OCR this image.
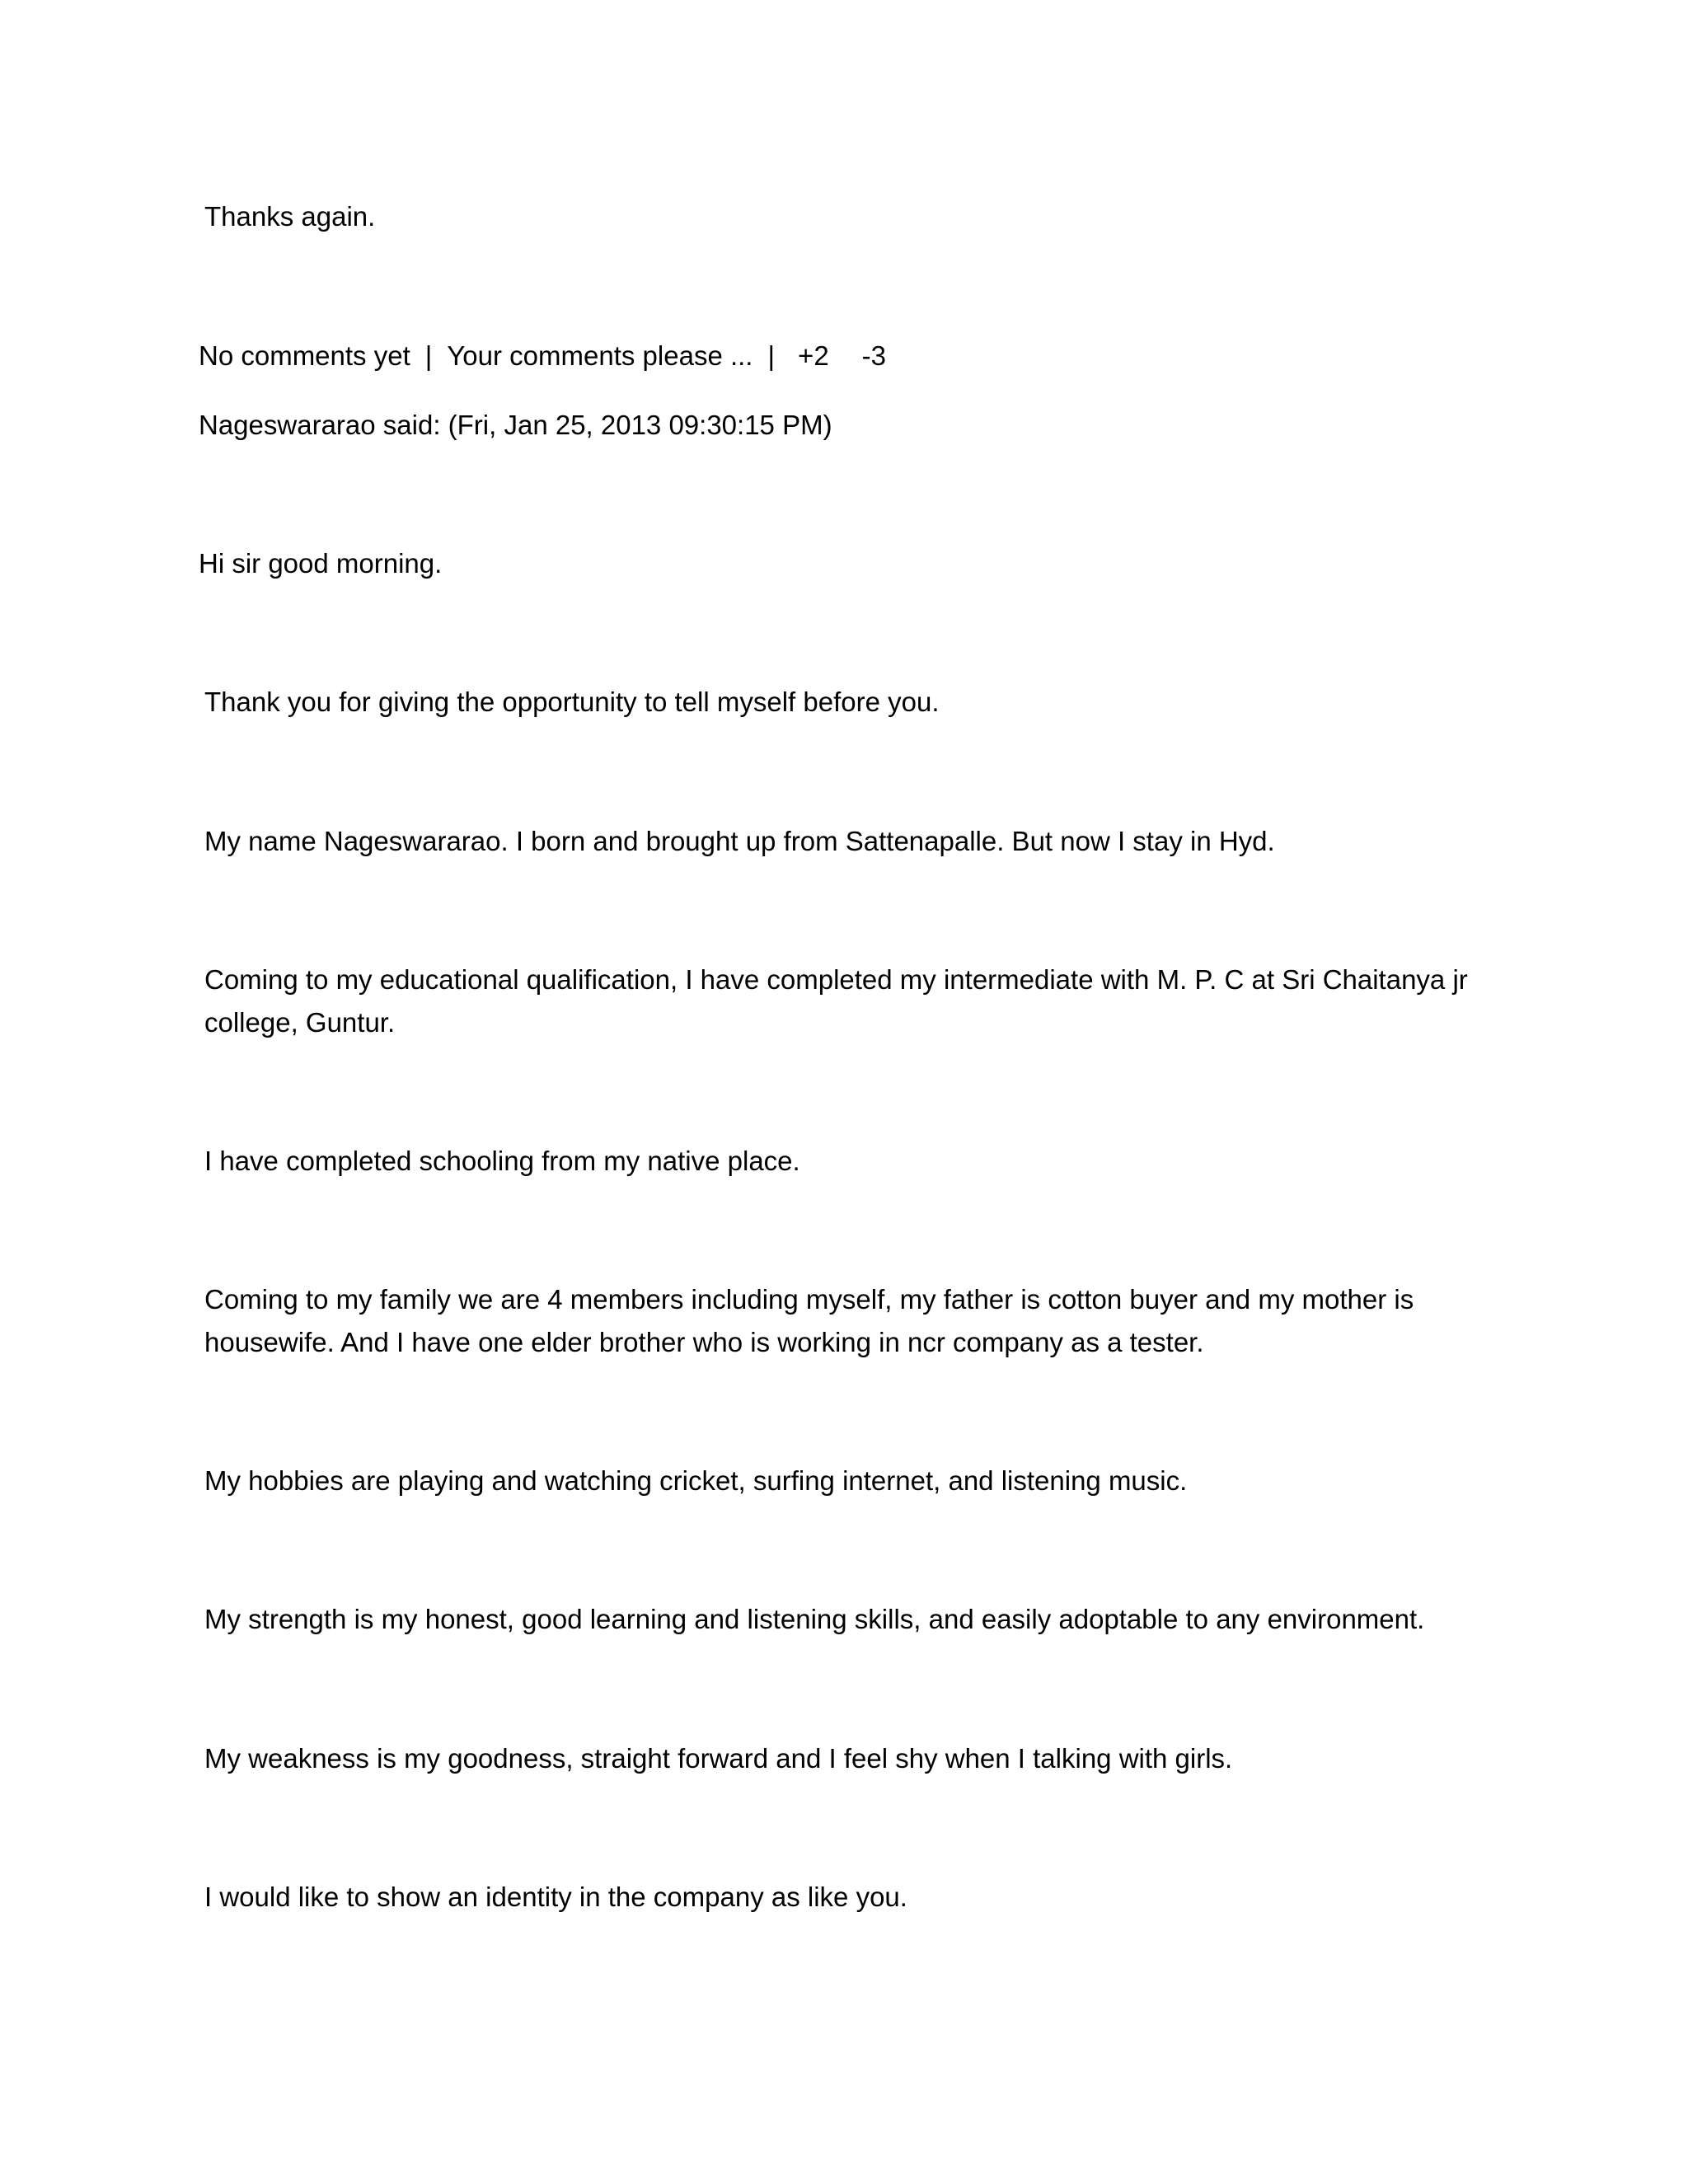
Thanks again.
No comments yet | Your comments please ... | +2 -3
Nageswararao said: (Fri, Jan 25, 2013 09:30:15 PM)
Hi sir good morning.
Thank you for giving the opportunity to tell myself before you.
My name Nageswararao. I born and brought up from Sattenapalle. But now I stay in Hyd.
Coming to my educational qualification, I have completed my intermediate with M. P. C at Sri Chaitanya jr college, Guntur.
I have completed schooling from my native place.
Coming to my family we are 4 members including myself, my father is cotton buyer and my mother is housewife. And I have one elder brother who is working in ncr company as a tester.
My hobbies are playing and watching cricket, surfing internet, and listening music.
My strength is my honest, good learning and listening skills, and easily adoptable to any environment.
My weakness is my goodness, straight forward and I feel shy when I talking with girls.
I would like to show an identity in the company as like you.
